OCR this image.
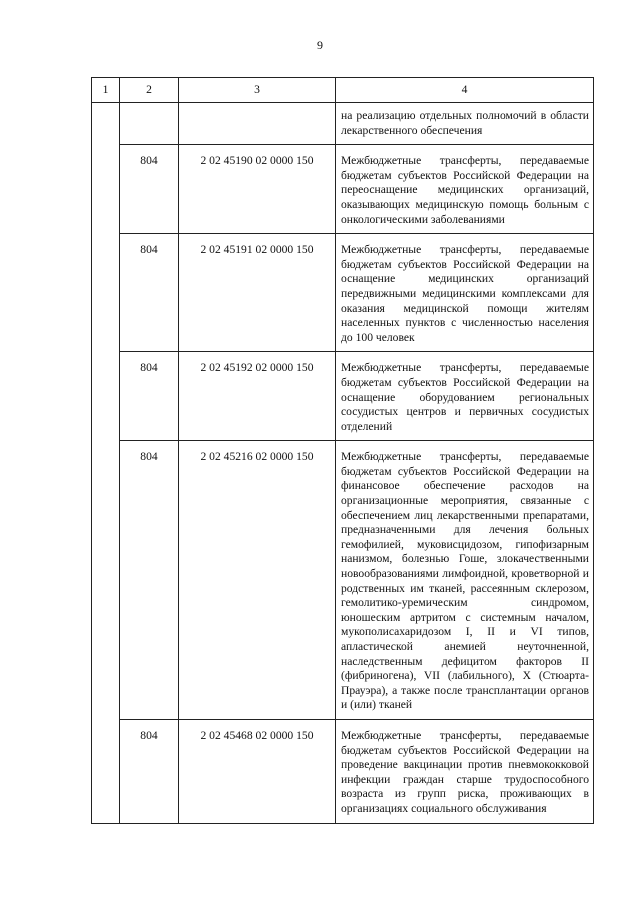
9
1	2	3	4
			на реализацию отдельных полномочий в области лекарственного обеспечения
	804	2 02 45190 02 0000 150	Межбюджетные трансферты, передаваемые бюджетам субъектов Российской Федерации на переоснащение медицинских организаций, оказывающих медицинскую помощь больным с онкологическими заболеваниями
	804	2 02 45191 02 0000 150	Межбюджетные трансферты, передаваемые бюджетам субъектов Российской Федерации на оснащение медицинских организаций передвижными медицинскими комплексами для оказания медицинской помощи жителям населенных пунктов с численностью населения до 100 человек
	804	2 02 45192 02 0000 150	Межбюджетные трансферты, передаваемые бюджетам субъектов Российской Федерации на оснащение оборудованием региональных сосудистых центров и первичных сосудистых отделений
	804	2 02 45216 02 0000 150	Межбюджетные трансферты, передаваемые бюджетам субъектов Российской Федерации на финансовое обеспечение расходов на организационные мероприятия, связанные с обеспечением лиц лекарственными препаратами, предназначенными для лечения больных гемофилией, муковисцидозом, гипофизарным нанизмом, болезнью Гоше, злокачественными новообразованиями лимфоидной, кроветворной и родственных им тканей, рассеянным склерозом, гемолитико-уремическим синдромом, юношеским артритом с системным началом, мукополисахаридозом I, II и VI типов, апластической анемией неуточненной, наследственным дефицитом факторов II (фибриногена), VII (лабильного), X (Стюарта-Прауэра), а также после трансплантации органов и (или) тканей
	804	2 02 45468 02 0000 150	Межбюджетные трансферты, передаваемые бюджетам субъектов Российской Федерации на проведение вакцинации против пневмококковой инфекции граждан старше трудоспособного возраста из групп риска, проживающих в организациях социального обслуживания
